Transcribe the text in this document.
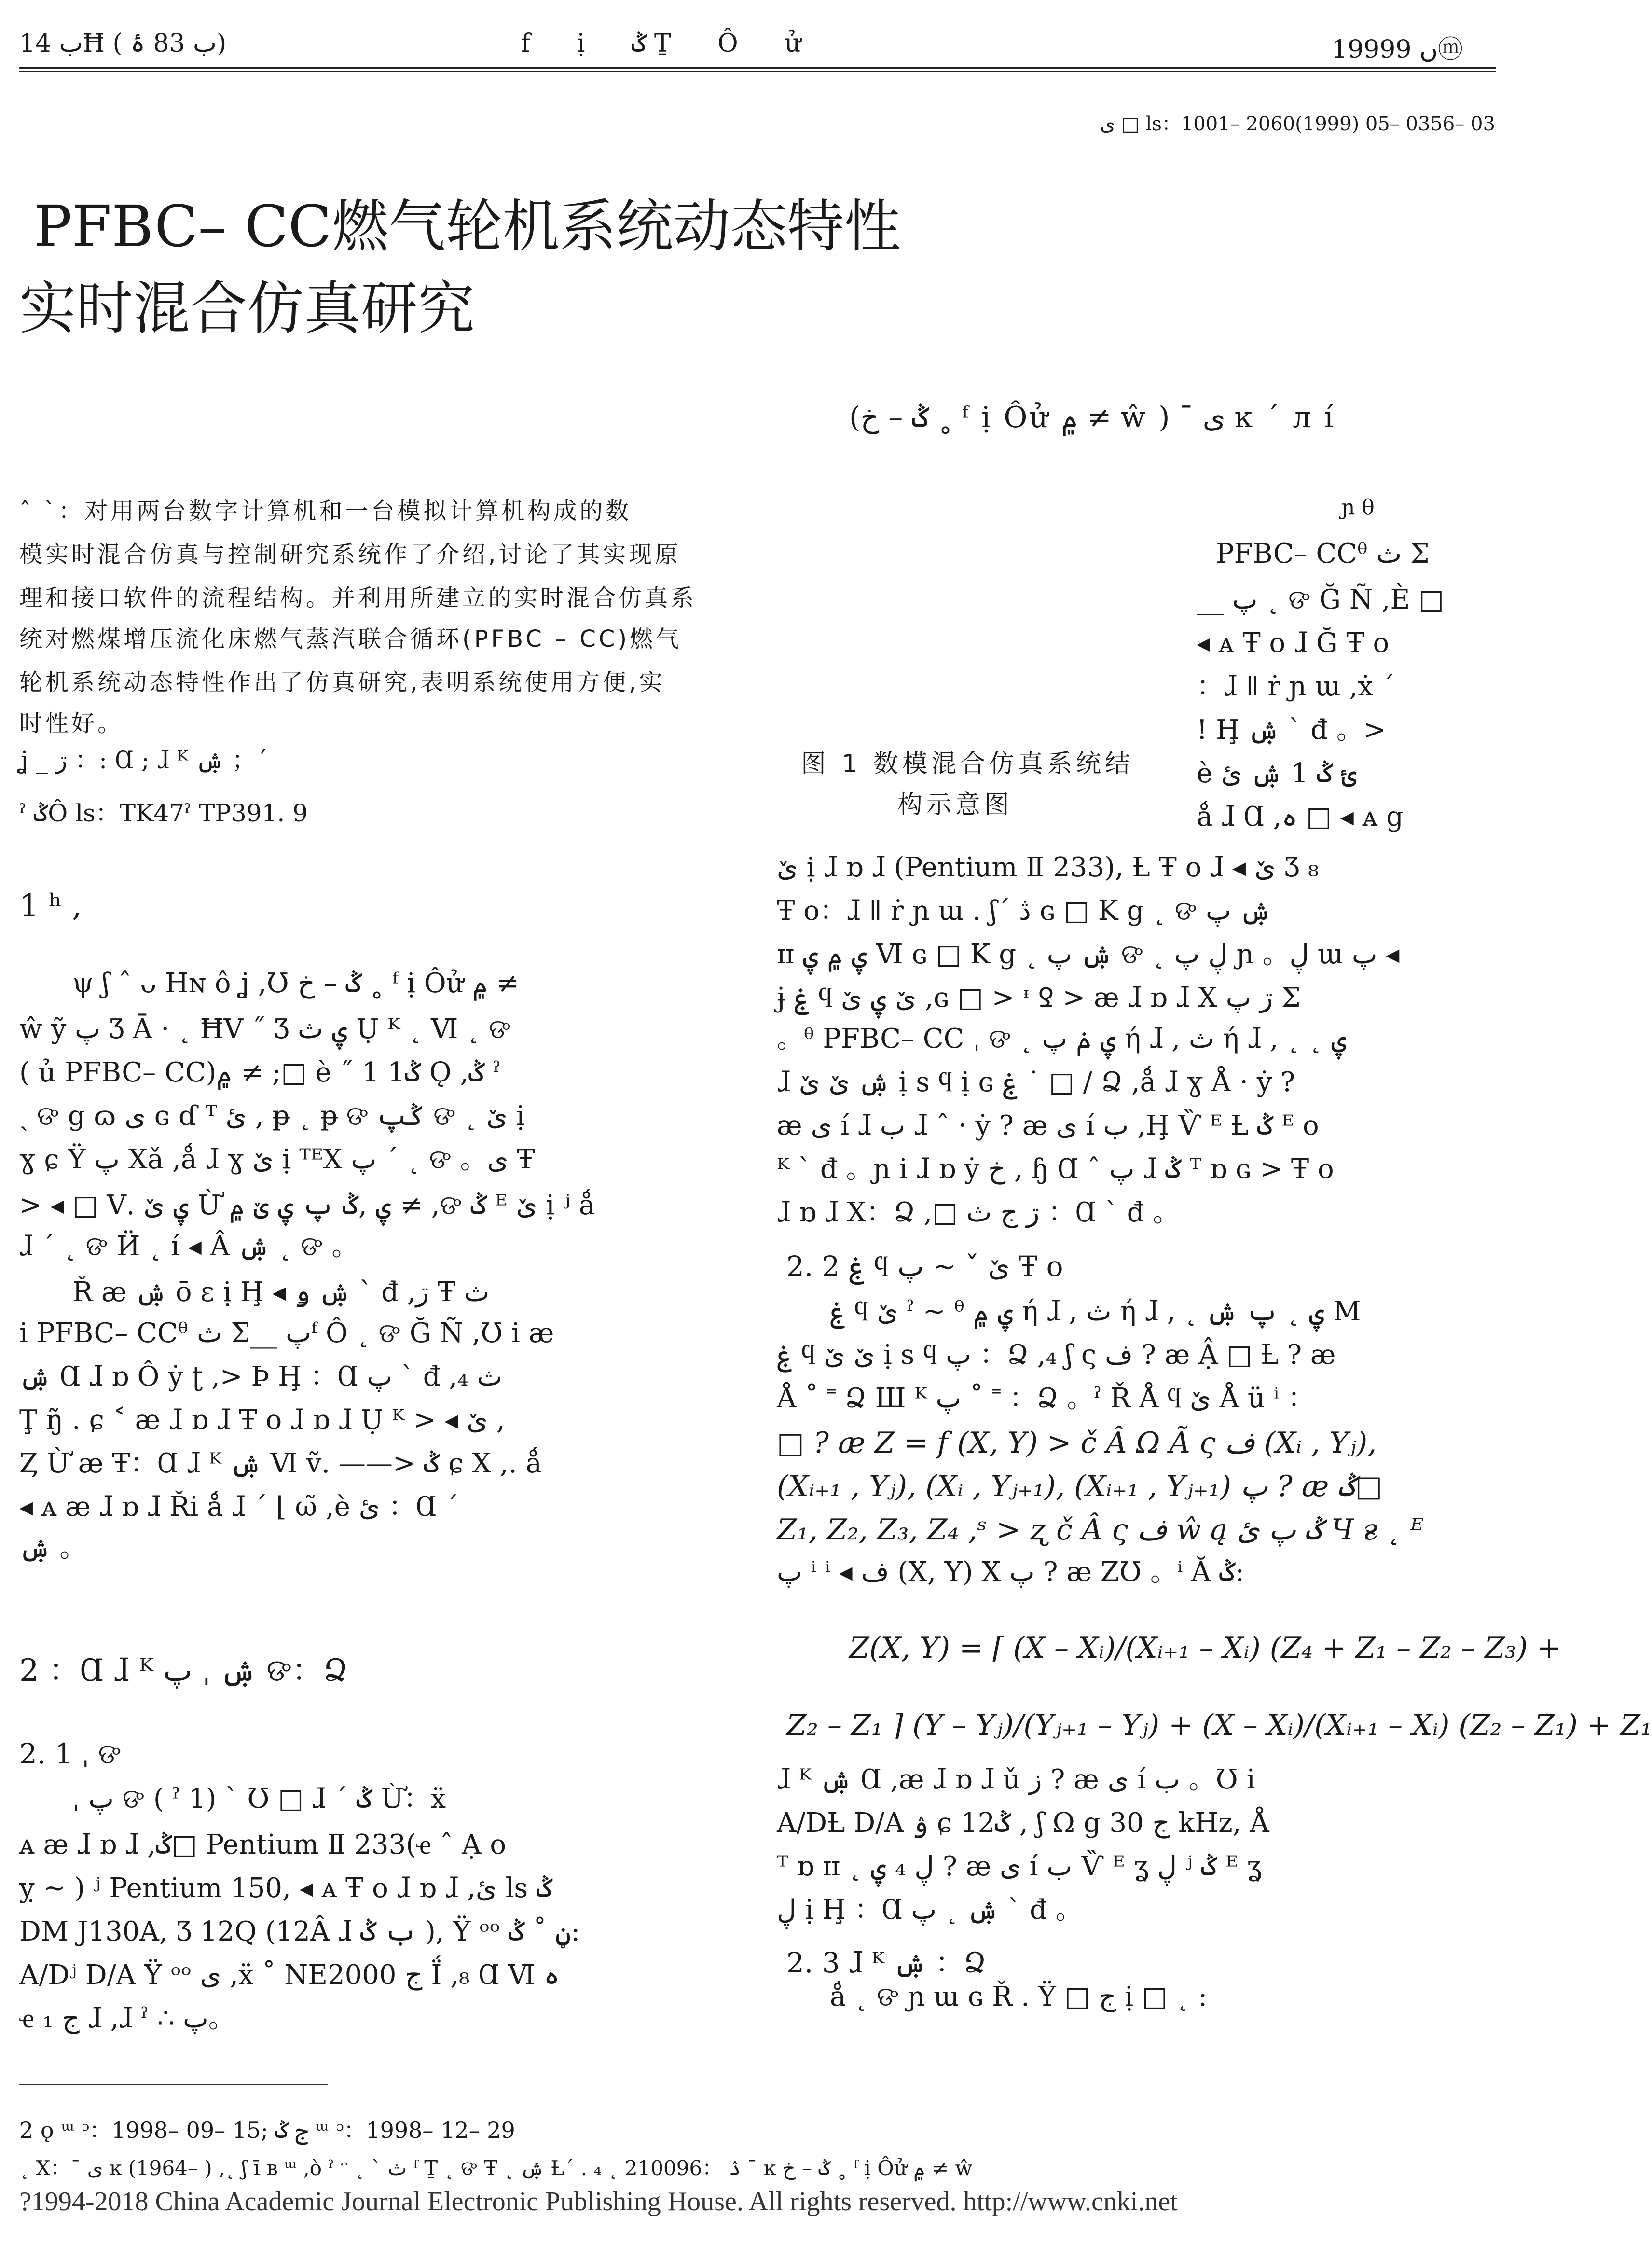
ب 14Ħ ( ب 83 ۂ)	f ị ݣ Ṯ Ô ử	1999ں 9ⓜ
ی □ ls：1001– 2060(1999) 05– 0356– 03
PFBC– CC燃气轮机系统动态特性
实时混合仿真研究
(ݣ – خ ˳ ᶠ ị Ôử ۾ ≠ ŵ ) ¯ ی ĸ ΄ л í
ˆ ˋ：对用两台数字计算机和一台模拟计算机构成的数
模实时混合仿真与控制研究系统作了介绍,讨论了其实现原
理和接口软件的流程结构。并利用所建立的实时混合仿真系
统对燃煤增压流化床燃气蒸汽联合循环(PFBC – CC)燃气
轮机系统动态特性作出了仿真研究,表明系统使用方便,实
时性好。
ʝ _ ڗ ：: Ɑ ; ɺ ᴷ ۺ ；΄
ˀ ݣÔ ls：TK47ˀ TP391. 9
1 ʰ ,
ψ ʃ ˆ ᴗ Hɴ ô ʝ ,Ʊ ݣ – خ ˳ ᶠ ị Ôử ۾ ≠
ŵ ỹ پ Ʒ Ā · ˛ ĦV ˝ Ʒ ۑ ث Ụ ᴷ ˛ Ⅵ ˛ ଙ
( ủ PFBC– CC)۾ ≠ ;□ è ˝ 1 ݣ1 Ǫ ,ݣ ˀ
ˏ ଙ g ɷ ی ɢ ɗ ᵀ ئ , ᵽ ˛ ᵽ ଙ ݣپ ଙ ˛ ێ ị
ɣ ɕ Ÿ پ Xǎ ,ǻ ɺ ɣ ێ ị ᵀᴱX پ ˊ ˛ ଙ 。ی Ŧ
> ◂ □ Ⅴ. ۑ ێ Ừ ۑ ,ݣ پ ۑ ێ ۾ ≠ ,ଙ ݣ ᴱ ێ ị ʲ ǻ
ɺ ˊ ˛ ଙ Ӥ ˛ í ◂ Â ۺ ˛ ଙ 。
Ř æ ۺ ō ε ị Ḩ ◂ ۺ ۅ ˋ đ ,ڗ Ŧ ث
i PFBC– CCᶿ ث Σ__ پᶠ Ô ˛ ଙ Ğ Ñ ,Ʊ i æ
ۺ Ɑ ɺ ɒ Ô ẏ ʈ ,> Þ Ḩ ：Ɑ پ ˋ đ ,₄ ث
Ţ ŋ̃ . ɕ ˂ æ ɺ ɒ ɺ Ŧ o ɺ ɒ ɺ Ụ ᴷ > ◂ ێ ,
Ȥ Ừ æ Ŧ：Ɑ ɺ ᴷ ۺ Ⅵ ṽ. ——> ݣ ɕ X ,. ǻ
◂ ᴀ æ ɺ ɒ ɺ Ři ǻ ɺ ˊ ⌊ ω̃ ,è ئ ：Ɑ ΄
ۺ 。
2 ：Ɑ ɺ ᴷ ۺ ˌ پ ଙ：Ձ
2. 1 ˌ ଙ
ˌ پ ଙ ( ˀ 1) ˋ Ʊ □ ɺ ˊ ݣ Ừ：ẍ
ᴀ æ ɺ ɒ ɺ ,ݣ□ Pentium Ⅱ 233(ҽ ˆ Ạ o
ỵ ~ ) ʲ Pentium 150, ◂ ᴀ Ŧ o ɺ ɒ ɺ ,ئ ls ݣ
DM J130A, Ʒ 12Q (12Â ɺ ب ݣ ), Ÿ ᵒᵒ ڼ ˚ ݣ:
A/Dʲ D/A Ÿ ᵒᵒ ی ,ẍ ˚ NE2000 ج Ḯ ,₈ Ɑ Ⅵ ہ
ҽ ج ₁ ɺ ,ɺ ˀ ∴ پ。
ɲ θ
PFBC– CCᶿ ث Σ
__ پ ˛ ଙ Ğ Ñ ,È □
◂ ᴀ Ŧ o ɺ Ğ Ŧ o
：ɺ ǁ ṙ ɲ ɯ ,ẋ ΄
! Ḩ ۺ ˋ đ 。>
è ئ ݣ 1 ۺ ئ
ǻ ɺ Ɑ ,ہ □ ◂ ᴀ g
图 1 数模混合仿真系统结
构示意图
ێ ị ɺ ɒ ɺ (Pentium Ⅱ 233), Ƚ Ŧ o ɺ ◂ ێ Ʒ ₈
Ŧ o：ɺ ǁ ṙ ɲ ɯ . ʃ΄ ڎ ɢ □ K g ˛ ଙ ۺ پ
ɪɪ ۑ ۾ ۑ Ⅵ ɢ □ K g ˛ ۺ پ ଙ ˛ ڸ پ ɲ 。ڸ ɯ پ ◂
ɉ ۼ ϥ ێ ۑ ێ ,ɢ □ > ᶧ Ꝿ > æ ɺ ɒ ɺ X ڗ پ Σ
。ᶿ PFBC– CC ˌ ଙ ˛ ۑ ݥ پ ή ɺ , ث ή ɺ , ˛ ˛ ۑ
ɺ ۺ ێ ێ ị s ϥ ị ɢ ۼ ˙ □ ∕ Ձ ,ǻ ɺ ɣ Å · ẏ ?
æ ی í ɺ ب ɺ ˆ · ẏ ? æ ی í ب ,Ḩ Ѷ ᴱ Ƚ ݣ ᴱ o
ᴷ ˋ đ 。ɲ i ɺ ɒ ẏ خ , ɧ Ɑ ˆ پ ɺ ݣ ᵀ ɒ ɢ > Ŧ o
ɺ ɒ ɺ X：Ձ ,□ ڗ ج ث ：Ɑ ˋ đ 。
2. 2 ۼ ϥ ێ ˇ ~ پ Ŧ o
ۼ ϥ ێ ˀ ~ ᶿ ۑ ۾ ή ɺ , ث ή ɺ , ˛ ۑ ˛ پ ۺ Ⅿ
ۼ ϥ ێ ێ ị s ϥ پ ：Ձ ,₄ ʃ ς ف ? æ Ậ □ Ƚ ? æ
Å ˚ ˭ Ձ Ш ᴷ پ ˚ ˭ ：Ձ 。ˀ Ř Å ϥ ێ Å ü ⁱ ：
□ ? æ Z = f (X, Y) > č Â Ω Ã ς ف (Xᵢ , Yⱼ),
(Xᵢ₊₁ , Yⱼ), (Xᵢ , Yⱼ₊₁), (Xᵢ₊₁ , Yⱼ₊₁) پ ? æ ݣ□
Z₁, Z₂, Z₃, Z₄ ,ˢ > ʐ č Â ς ف ŵ ą ݣ پ ئ Ч ғ ˛ ᴱ
پ ⁱ ⁱ ◂ ف (X, Y) X پ ? æ ZƱ 。ⁱ Ă ݣ:
Z(X, Y) = ⌈ (X – Xᵢ)/(Xᵢ₊₁ – Xᵢ) (Z₄ + Z₁ – Z₂ – Z₃) +
Z₂ – Z₁ ⌉ (Y – Yⱼ)/(Yⱼ₊₁ – Yⱼ) + (X – Xᵢ)/(Xᵢ₊₁ – Xᵢ) (Z₂ – Z₁) + Z₁
ɺ ᴷ ۺ Ɑ ,æ ɺ ɒ ɺ ǔ ز ? æ ی í ب 。Ʊ i
A/DȽ D/A ۉ ɕ 12ݣ , ʃ Ω g ج 30 kHz, Å
ᵀ ɒ ɪɪ ˛ ڸ ₄ ۑ ? æ ی í ب Ѷ ᴱ ʓ ڸ ʲ ݣ ᴱ ʓ
ڸ ị Ḩ ：Ɑ ۺ ˛ پ ˋ đ 。
2. 3 ɺ ᴷ ۺ ：Ձ
ǻ ˛ ଙ ɲ ɯ ɢ Ř . Ÿ □ ج ị □ ˛ :
2 ǫ ᵚ ᵓ：1998– 09– 15; ج ݣ ᵚ ᵓ：1998– 12– 29
˛ X：¯ ی ĸ (1964– ) ,˛ ʃ ī ʙ ᵚ ,ò ˀ ᵔ ˛ ˋ ث ᶠ Ṯ ˛ ଙ Ŧ ˛ ۺ Ƚ΄ . ₄ ˛ ۮ ：210096 ¯ ĸ ݣ – خ ˳ ᶠ ị Ôử ۾ ≠ ŵ
?1994-2018 China Academic Journal Electronic Publishing House. All rights reserved. http://www.cnki.net
